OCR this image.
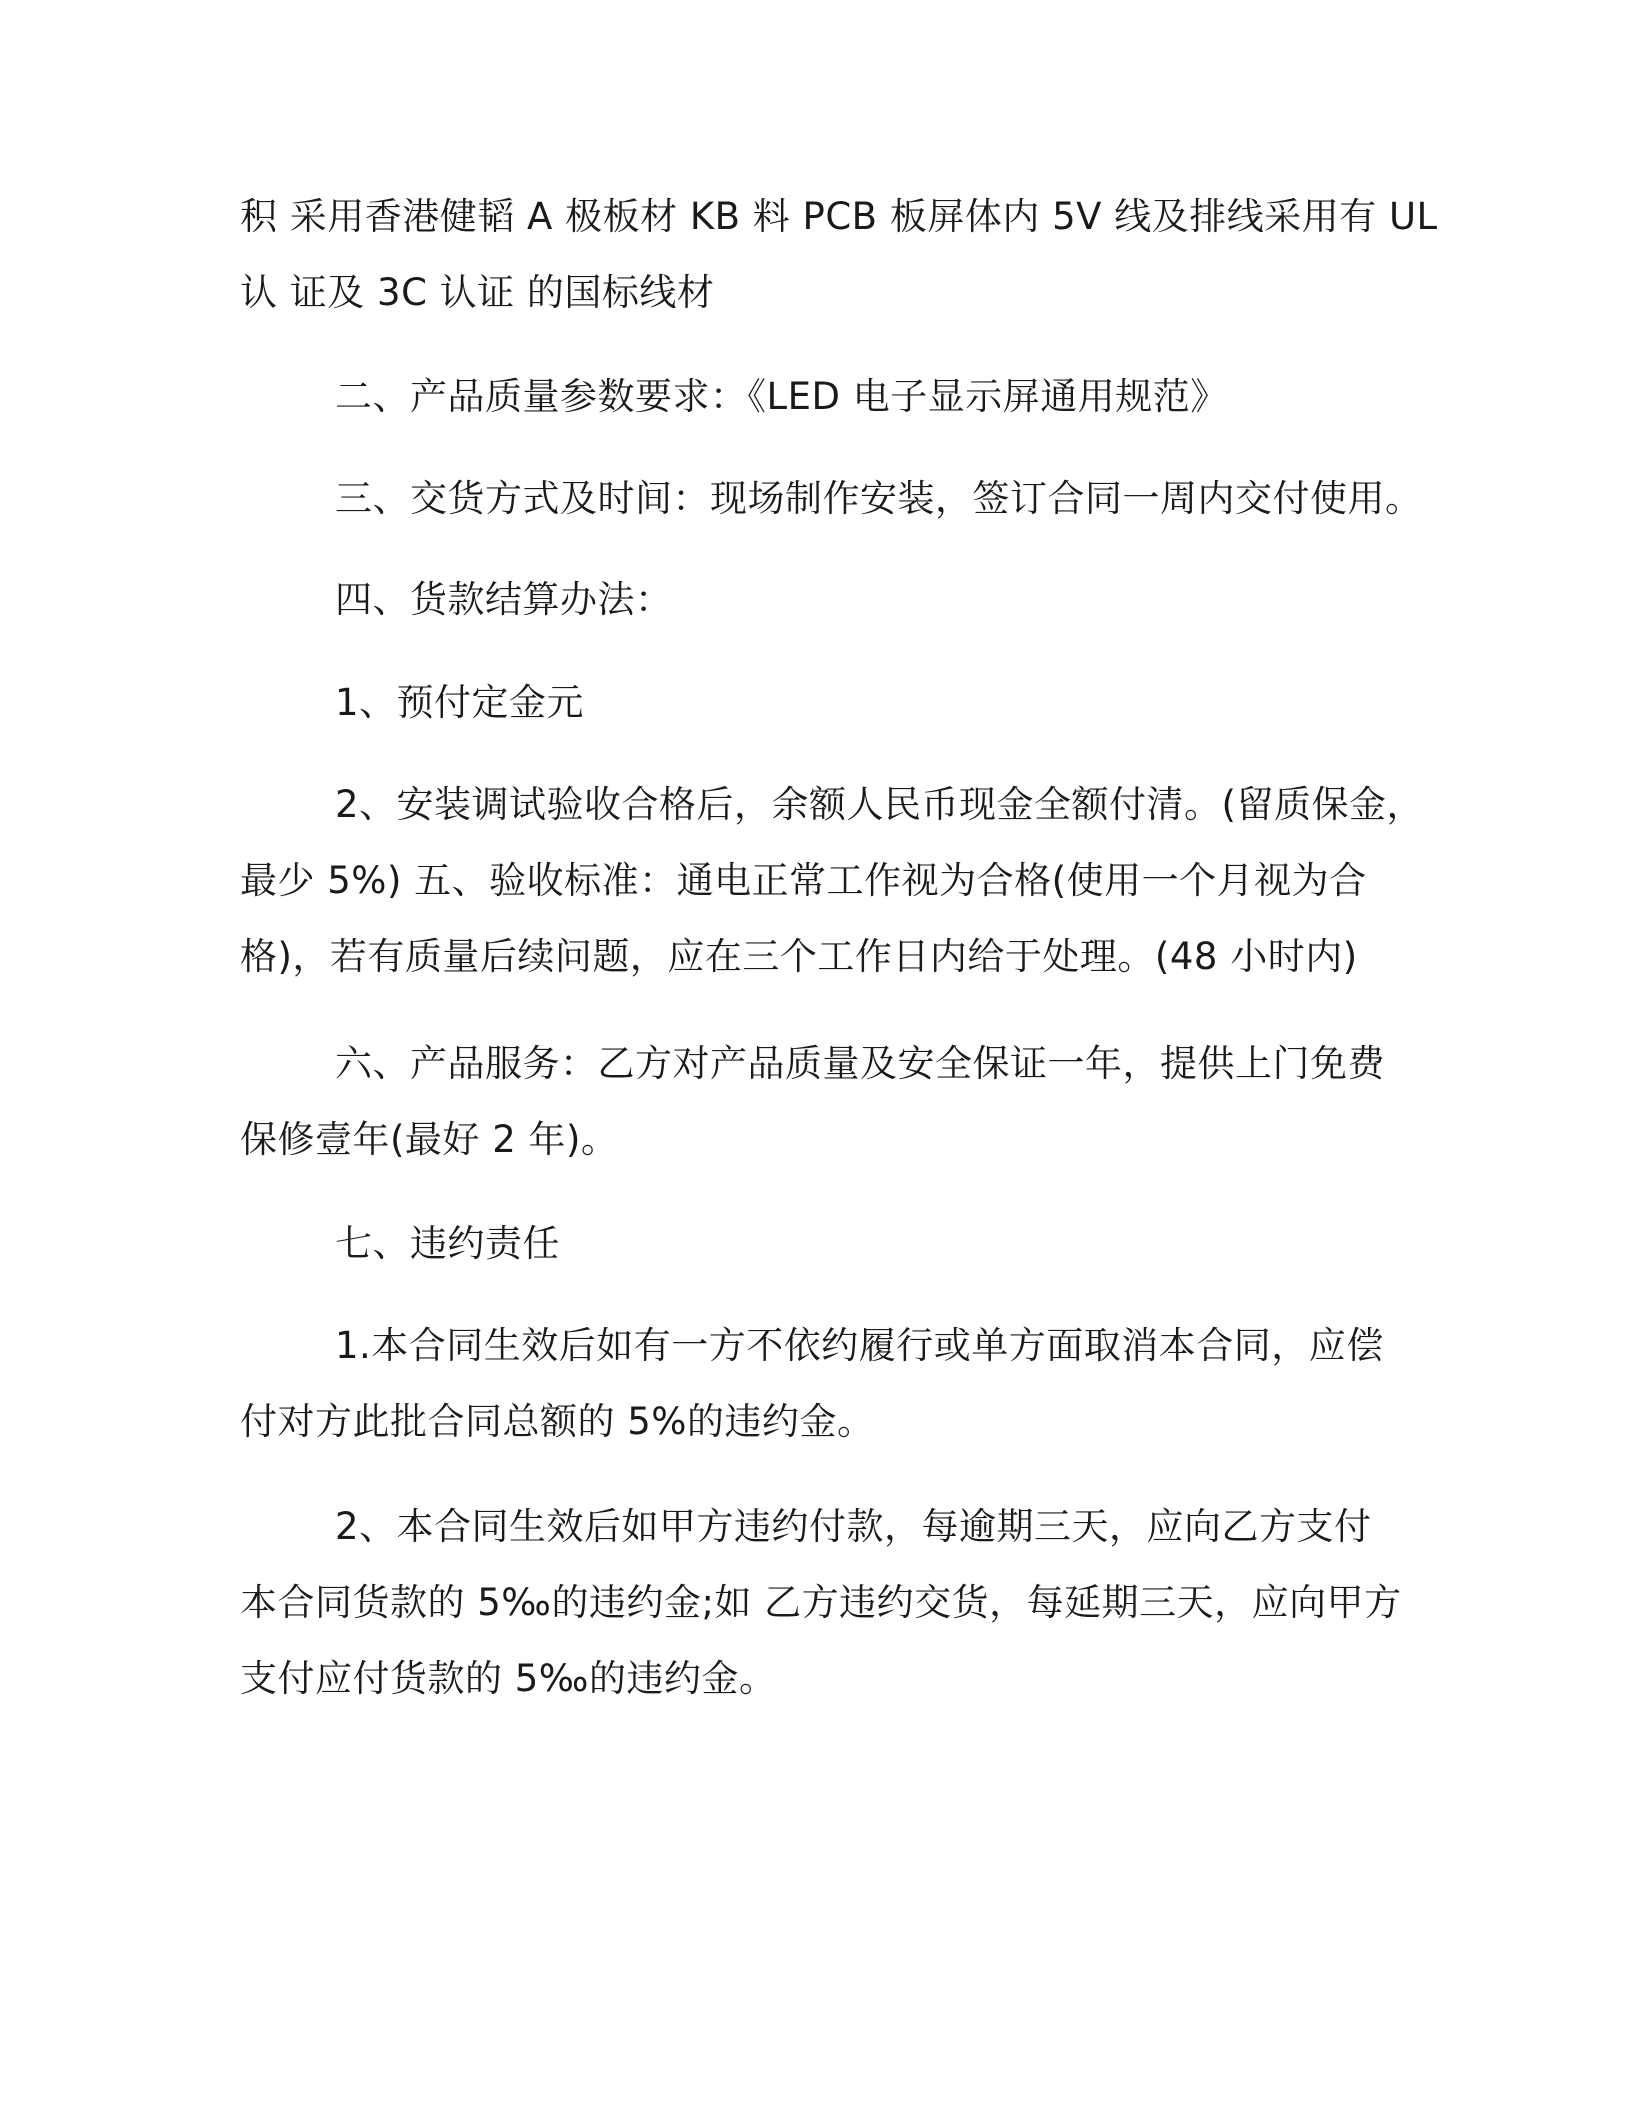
积 采用香港健韬 A 极板材 KB 料 PCB 板屏体内 5V 线及排线采用有 UL
认 证及 3C 认证 的国标线材
二、产品质量参数要求：《LED 电子显示屏通用规范》
三、交货方式及时间：现场制作安装，签订合同一周内交付使用。
四、货款结算办法：
1、预付定金元
2、安装调试验收合格后，余额人民币现金全额付清。(留质保金，
最少 5%) 五、验收标准：通电正常工作视为合格(使用一个月视为合
格)，若有质量后续问题，应在三个工作日内给于处理。(48 小时内)
六、产品服务：乙方对产品质量及安全保证一年，提供上门免费
保修壹年(最好 2 年)。
七、违约责任
1.本合同生效后如有一方不依约履行或单方面取消本合同，应偿
付对方此批合同总额的 5%的违约金。
2、本合同生效后如甲方违约付款，每逾期三天，应向乙方支付
本合同货款的 5‰的违约金;如 乙方违约交货，每延期三天，应向甲方
支付应付货款的 5‰的违约金。
